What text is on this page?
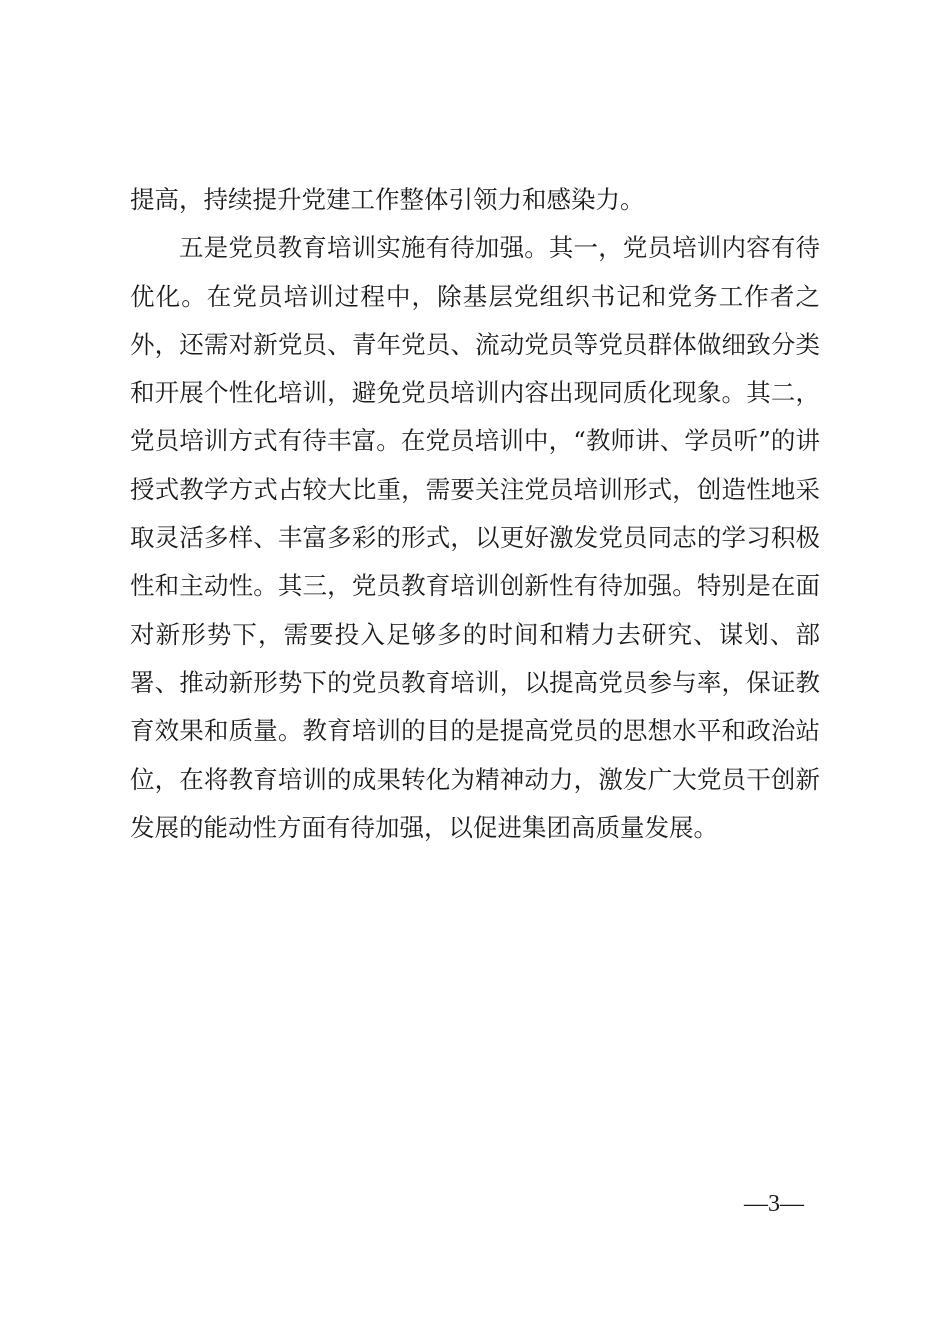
提高，持续提升党建工作整体引领力和感染力。

五是党员教育培训实施有待加强。其一，党员培训内容有待优化。在党员培训过程中，除基层党组织书记和党务工作者之外，还需对新党员、青年党员、流动党员等党员群体做细致分类和开展个性化培训，避免党员培训内容出现同质化现象。其二，党员培训方式有待丰富。在党员培训中，“教师讲、学员听”的讲授式教学方式占较大比重，需要关注党员培训形式，创造性地采取灵活多样、丰富多彩的形式，以更好激发党员同志的学习积极性和主动性。其三，党员教育培训创新性有待加强。特别是在面对新形势下，需要投入足够多的时间和精力去研究、谋划、部署、推动新形势下的党员教育培训，以提高党员参与率，保证教育效果和质量。教育培训的目的是提高党员的思想水平和政治站位，在将教育培训的成果转化为精神动力，激发广大党员干创新发展的能动性方面有待加强，以促进集团高质量发展。

—3—
